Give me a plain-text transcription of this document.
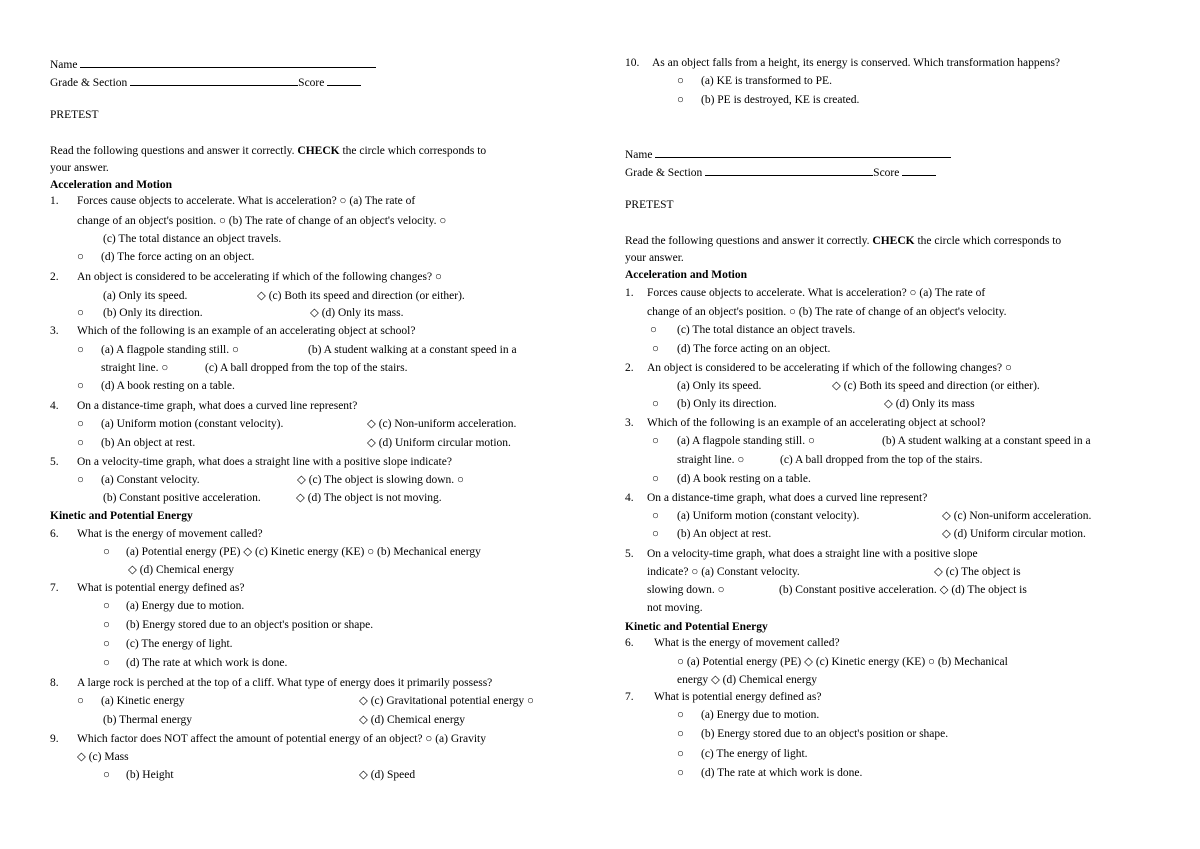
Name
Grade & Section	Score
PRETEST
Read the following questions and answer it correctly. CHECK the circle which corresponds to
your answer.
Acceleration and Motion
1. Forces cause objects to accelerate. What is acceleration? ○ (a) The rate of
change of an object's position. ○ (b) The rate of change of an object's velocity. ○
(c) The total distance an object travels.
○ (d) The force acting on an object.
2. An object is considered to be accelerating if which of the following changes? ○
(a) Only its speed.	◇ (c) Both its speed and direction (or either).
○ (b) Only its direction.	◇ (d) Only its mass.
3. Which of the following is an example of an accelerating object at school?
○ (a) A flagpole standing still. ○	(b) A student walking at a constant speed in a
straight line. ○	(c) A ball dropped from the top of the stairs.
○ (d) A book resting on a table.
4. On a distance-time graph, what does a curved line represent?
○ (a) Uniform motion (constant velocity).	◇ (c) Non-uniform acceleration.
○ (b) An object at rest.	◇ (d) Uniform circular motion.
5. On a velocity-time graph, what does a straight line with a positive slope indicate?
○ (a) Constant velocity.	◇ (c) The object is slowing down. ○
(b) Constant positive acceleration.	◇ (d) The object is not moving.
Kinetic and Potential Energy
6. What is the energy of movement called?
○ (a) Potential energy (PE) ◇ (c) Kinetic energy (KE) ○ (b) Mechanical energy
◇ (d) Chemical energy
7. What is potential energy defined as?
○ (a) Energy due to motion.
○ (b) Energy stored due to an object's position or shape.
○ (c) The energy of light.
○ (d) The rate at which work is done.
8. A large rock is perched at the top of a cliff. What type of energy does it primarily possess?
○ (a) Kinetic energy	◇ (c) Gravitational potential energy ○
(b) Thermal energy	◇ (d) Chemical energy
9. Which factor does NOT affect the amount of potential energy of an object? ○ (a) Gravity
◇ (c) Mass
○ (b) Height	◇ (d) Speed
10. As an object falls from a height, its energy is conserved. Which transformation happens?
○ (a) KE is transformed to PE.
○ (b) PE is destroyed, KE is created.
Name
Grade & Section	Score
PRETEST
Read the following questions and answer it correctly. CHECK the circle which corresponds to
your answer.
Acceleration and Motion
1. Forces cause objects to accelerate. What is acceleration? ○ (a) The rate of
change of an object's position. ○ (b) The rate of change of an object's velocity.
○ (c) The total distance an object travels.
○ (d) The force acting on an object.
2. An object is considered to be accelerating if which of the following changes? ○
(a) Only its speed.	◇ (c) Both its speed and direction (or either).
○ (b) Only its direction.	◇ (d) Only its mass
3. Which of the following is an example of an accelerating object at school?
○ (a) A flagpole standing still. ○	(b) A student walking at a constant speed in a
straight line. ○	(c) A ball dropped from the top of the stairs.
○ (d) A book resting on a table.
4. On a distance-time graph, what does a curved line represent?
○ (a) Uniform motion (constant velocity).	◇ (c) Non-uniform acceleration.
○ (b) An object at rest.	◇ (d) Uniform circular motion.
5. On a velocity-time graph, what does a straight line with a positive slope
indicate? ○ (a) Constant velocity.	◇ (c) The object is
slowing down. ○	(b) Constant positive acceleration. ◇ (d) The object is
not moving.
Kinetic and Potential Energy
6. What is the energy of movement called?
○ (a) Potential energy (PE) ◇ (c) Kinetic energy (KE) ○ (b) Mechanical
energy ◇ (d) Chemical energy
7. What is potential energy defined as?
○ (a) Energy due to motion.
○ (b) Energy stored due to an object's position or shape.
○ (c) The energy of light.
○ (d) The rate at which work is done.
